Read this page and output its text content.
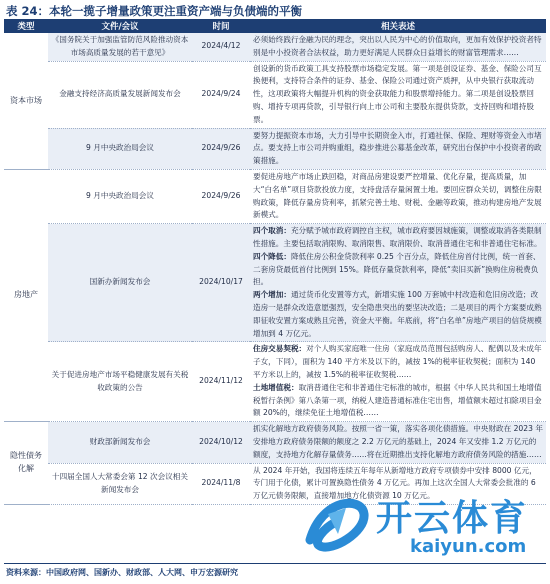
表 24：本轮一揽子增量政策更注重资产端与负债端的平衡
类型	文件/会议	时间	相关表述
资本市场	《国务院关于加强监管防范风险推动资本市场高质量发展的若干意见》	2024/4/12	必须始终践行金融为民的理念，突出以人民为中心的价值取向，更加有效保护投资者特别是中小投资者合法权益，助力更好满足人民群众日益增长的财富管理需求……

	金融支持经济高质量发展新闻发布会	2024/9/24	创设新的货币政策工具支持股票市场稳定发展。第一项是创设证券、基金、保险公司互换便利，支持符合条件的证券、基金、保险公司通过资产质押，从中央银行获取流动性，这项政策将大幅提升机构的资金获取能力和股票增持能力。第二项是创设股票回购、增持专项再贷款，引导银行向上市公司和主要股东提供贷款，支持回购和增持股票。

	9 月中央政治局会议	2024/9/26	要努力提振资本市场，大力引导中长期资金入市，打通社保、保险、理财等资金入市堵点。要支持上市公司并购重组，稳步推进公募基金改革，研究出台保护中小投资者的政策措施。

房地产	9 月中央政治局会议	2024/9/26	要促进房地产市场止跌回稳，对商品房建设要严控增量、优化存量，提高质量，加大“白名单”项目贷款投放力度，支持盘活存量闲置土地。要回应群众关切，调整住房限购政策，降低存量房贷利率，抓紧完善土地、财税、金融等政策，推动构建房地产发展新模式。

	国新办新闻发布会	2024/10/17	四个取消：充分赋予城市政府调控自主权，城市政府要因城施策，调整或取消各类限制性措施。主要包括取消限购、取消限售、取消限价、取消普通住宅和非普通住宅标准。
四个降低：降低住房公积金贷款利率 0.25 个百分点，降低住房首付比例，统一首套、二套房贷最低首付比例到 15%。降低存量贷款利率，降低“卖旧买新”换购住房税费负担。
两个增加：通过货币化安置等方式，新增实施 100 万套城中村改造和危旧房改造；改造房一是群众改造意愿强烈，安全隐患突出的要坚决改造；二是项目的两个方案要成熟即征收安置方案成熟且完善，资金大平衡。年底前，将“白名单”房地产项目的信贷规模增加到 4 万亿元。

	关于促进房地产市场平稳健康发展有关税收政策的公告	2024/11/12	住房交易契税：对个人购买家庭唯一住房（家庭成员范围包括购房人、配偶以及未成年子女，下同），面积为 140 平方米及以下的，减按 1%的税率征收契税；面积为 140 平方米以上的，减按 1.5%的税率征收契税……
土地增值税：取消普通住宅和非普通住宅标准的城市，根据《中华人民共和国土地增值税暂行条例》第八条第一项，纳税人建造普通标准住宅出售，增值额未超过扣除项目金额 20%的，继续免征土地增值税……

隐性债务化解	财政部新闻发布会	2024/10/12	抓实化解地方政府债务风险。按照一省一策，落实各项化债措施。中央财政在 2023 年安排地方政府债务限额的额度之 2.2 万亿元的基础上，2024 年又安排 1.2 万亿元的额度，支持地方化解存量债务……将在近期推出支持化解地方政府债务风险的措施……

	十四届全国人大常委会第 12 次会议相关新闻发布会	2024/11/8	从 2024 年开始，我国将连续五年每年从新增地方政府专项债券中安排 8000 亿元，专门用于化债，累计可置换隐性债务 4 万亿元。再加上这次全国人大常委会批准的 6 万亿元债务限额，直接增加地方化债资源 10 万亿元。
资料来源：中国政府网、国新办、财政部、人大网、申万宏源研究
开云体育
kaiyun.com
